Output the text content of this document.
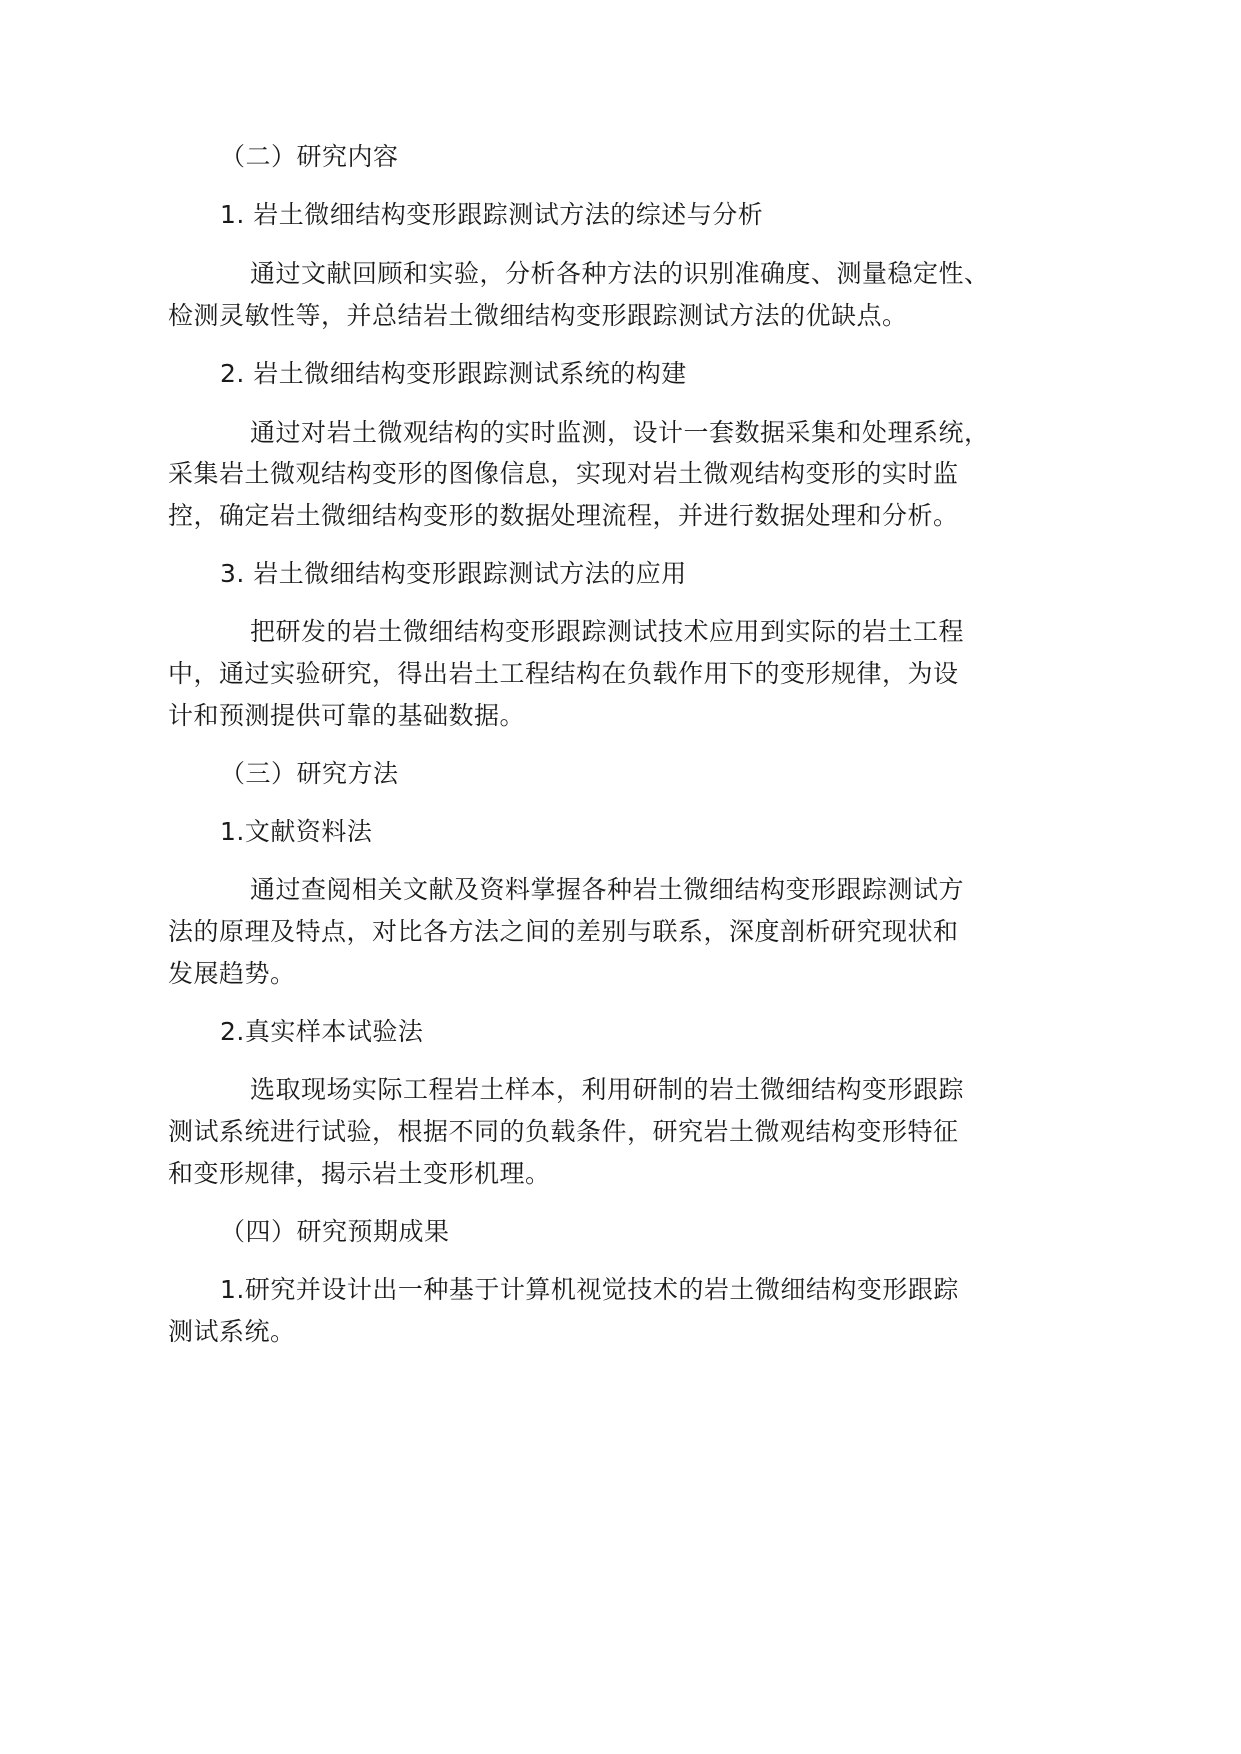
（二）研究内容
1. 岩土微细结构变形跟踪测试方法的综述与分析
通过文献回顾和实验，分析各种方法的识别准确度、测量稳定性、
检测灵敏性等，并总结岩土微细结构变形跟踪测试方法的优缺点。
2. 岩土微细结构变形跟踪测试系统的构建
通过对岩土微观结构的实时监测，设计一套数据采集和处理系统，
采集岩土微观结构变形的图像信息，实现对岩土微观结构变形的实时监
控，确定岩土微细结构变形的数据处理流程，并进行数据处理和分析。
3. 岩土微细结构变形跟踪测试方法的应用
把研发的岩土微细结构变形跟踪测试技术应用到实际的岩土工程
中，通过实验研究，得出岩土工程结构在负载作用下的变形规律，为设
计和预测提供可靠的基础数据。
（三）研究方法
1.文献资料法
通过查阅相关文献及资料掌握各种岩土微细结构变形跟踪测试方
法的原理及特点，对比各方法之间的差别与联系，深度剖析研究现状和
发展趋势。
2.真实样本试验法
选取现场实际工程岩土样本，利用研制的岩土微细结构变形跟踪
测试系统进行试验，根据不同的负载条件，研究岩土微观结构变形特征
和变形规律，揭示岩土变形机理。
（四）研究预期成果
1.研究并设计出一种基于计算机视觉技术的岩土微细结构变形跟踪
测试系统。
